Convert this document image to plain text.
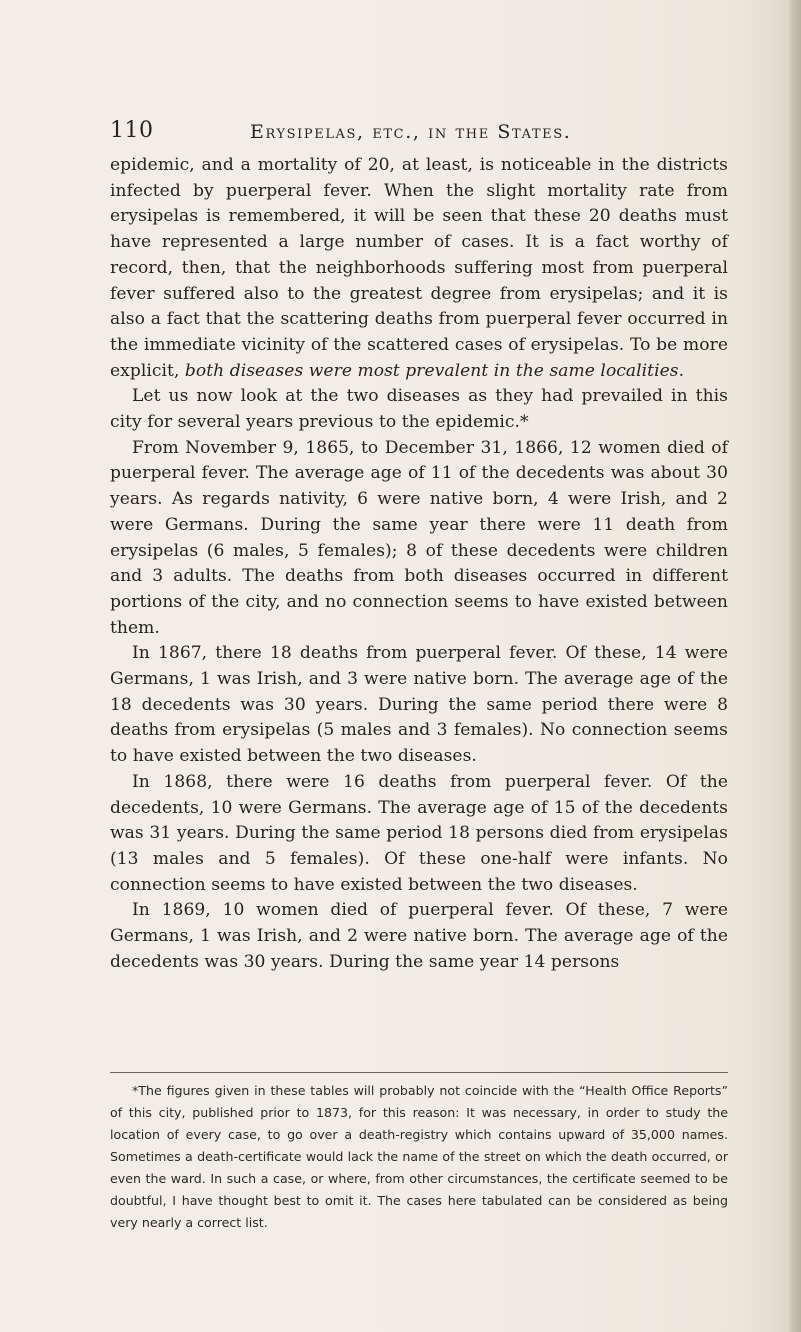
110	Erysipelas, etc., in the States.

epidemic, and a mortality of 20, at least, is noticeable in the districts infected by puerperal fever. When the slight mortality rate from erysipelas is remembered, it will be seen that these 20 deaths must have represented a large number of cases. It is a fact worthy of record, then, that the neighborhoods suffering most from puerperal fever suffered also to the greatest degree from erysipelas; and it is also a fact that the scattering deaths from puerperal fever occurred in the immediate vicinity of the scattered cases of erysipelas. To be more explicit, both diseases were most prevalent in the same localities.

Let us now look at the two diseases as they had prevailed in this city for several years previous to the epidemic.*

From November 9, 1865, to December 31, 1866, 12 women died of puerperal fever. The average age of 11 of the decedents was about 30 years. As regards nativity, 6 were native born, 4 were Irish, and 2 were Germans. During the same year there were 11 death from erysipelas (6 males, 5 females); 8 of these decedents were children and 3 adults. The deaths from both diseases occurred in different portions of the city, and no connection seems to have existed between them.

In 1867, there 18 deaths from puerperal fever. Of these, 14 were Germans, 1 was Irish, and 3 were native born. The average age of the 18 decedents was 30 years. During the same period there were 8 deaths from erysipelas (5 males and 3 females). No connection seems to have existed between the two diseases.

In 1868, there were 16 deaths from puerperal fever. Of the decedents, 10 were Germans. The average age of 15 of the decedents was 31 years. During the same period 18 persons died from erysipelas (13 males and 5 females). Of these one-half were infants. No connection seems to have existed between the two diseases.

In 1869, 10 women died of puerperal fever. Of these, 7 were Germans, 1 was Irish, and 2 were native born. The average age of the decedents was 30 years. During the same year 14 persons

*The figures given in these tables will probably not coincide with the “Health Office Reports” of this city, published prior to 1873, for this reason: It was necessary, in order to study the location of every case, to go over a death-registry which contains upward of 35,000 names. Sometimes a death-certificate would lack the name of the street on which the death occurred, or even the ward. In such a case, or where, from other circumstances, the certificate seemed to be doubtful, I have thought best to omit it. The cases here tabulated can be considered as being very nearly a correct list.
